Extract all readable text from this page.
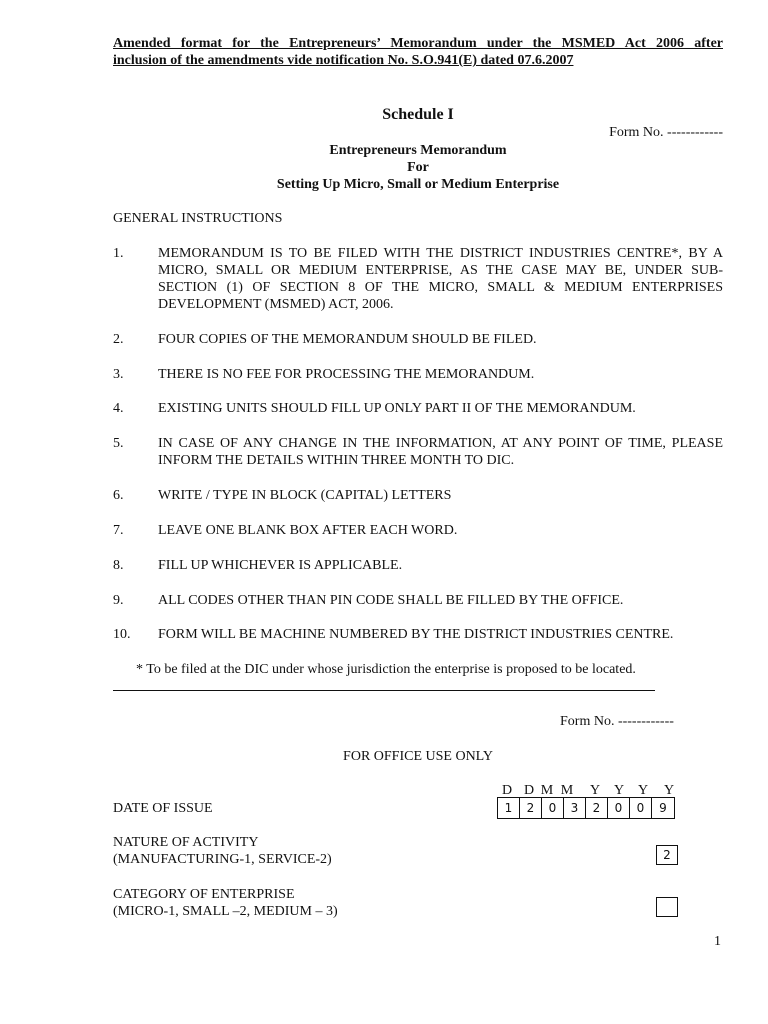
Amended format for the Entrepreneurs’ Memorandum under the MSMED Act 2006 after

inclusion of the amendments vide notification No. S.O.941(E) dated 07.6.2007
Schedule I
Form No. ------------
Entrepreneurs Memorandum
For
Setting Up Micro, Small or Medium Enterprise
GENERAL INSTRUCTIONS
1. MEMORANDUM IS TO BE FILED WITH THE DISTRICT INDUSTRIES CENTRE*, BY A MICRO, SMALL OR MEDIUM ENTERPRISE, AS THE CASE MAY BE, UNDER SUB-SECTION (1) OF SECTION 8 OF THE MICRO, SMALL & MEDIUM ENTERPRISES DEVELOPMENT (MSMED) ACT, 2006.
2. FOUR COPIES OF THE MEMORANDUM SHOULD BE FILED.
3. THERE IS NO FEE FOR PROCESSING THE MEMORANDUM.
4. EXISTING UNITS SHOULD FILL UP ONLY PART II OF THE MEMORANDUM.
5. IN CASE OF ANY CHANGE IN THE INFORMATION, AT ANY POINT OF TIME, PLEASE INFORM THE DETAILS WITHIN THREE MONTH TO DIC.
6. WRITE / TYPE IN BLOCK (CAPITAL) LETTERS
7. LEAVE ONE BLANK BOX AFTER EACH WORD.
8. FILL UP WHICHEVER IS APPLICABLE.
9. ALL CODES OTHER THAN PIN CODE SHALL BE FILLED BY THE OFFICE.
10. FORM WILL BE MACHINE NUMBERED BY THE DISTRICT INDUSTRIES CENTRE.
* To be filed at the DIC under whose jurisdiction the enterprise is proposed to be located.
Form No. ------------
FOR OFFICE USE ONLY
DATE OF ISSUE
D D M M	Y Y Y	Y
1	2	0	3	2	0	0	9
NATURE OF ACTIVITY
(MANUFACTURING-1, SERVICE-2)	2
CATEGORY OF ENTERPRISE
(MICRO-1, SMALL –2, MEDIUM – 3)
1
